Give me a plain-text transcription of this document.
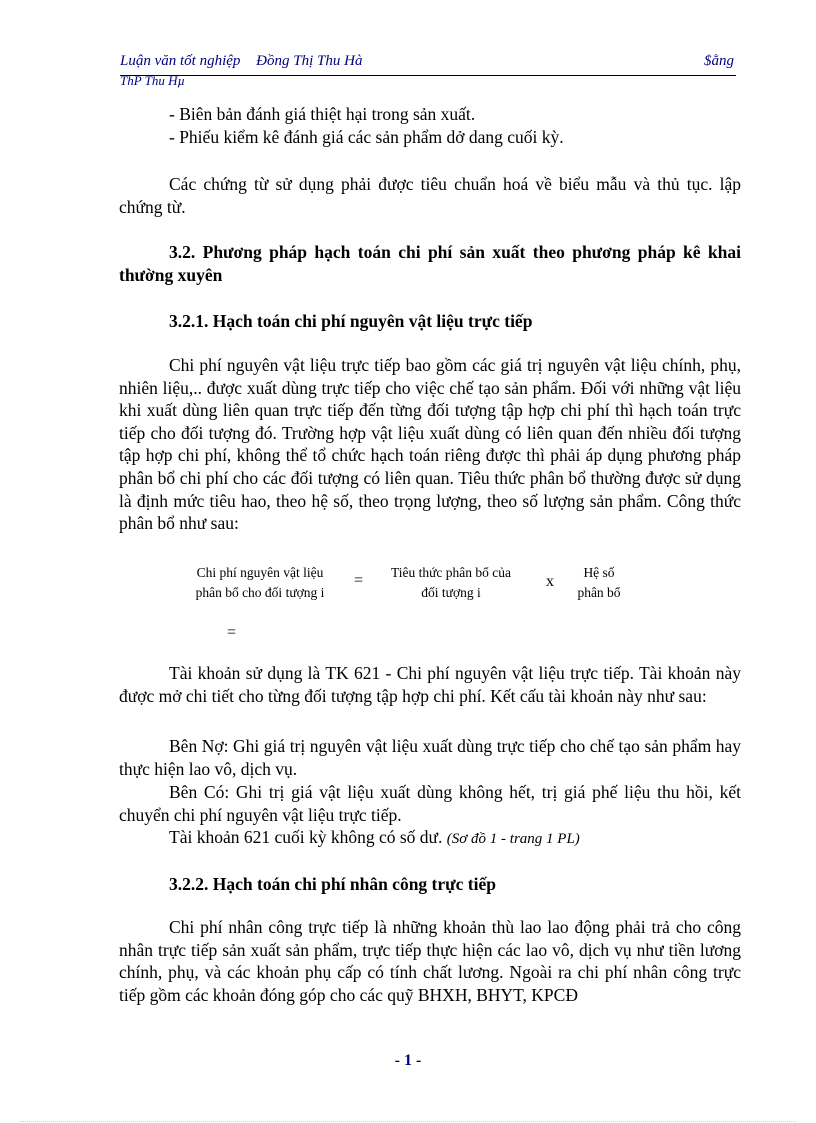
Luận văn tốt nghiệp Đồng Thị Thu Hà	$ằng
ThP Thu Hµ
- Biên bản đánh giá thiệt hại trong sản xuất.
- Phiếu kiểm kê đánh giá các sản phẩm dở dang cuối kỳ.
Các chứng từ sử dụng phải được tiêu chuẩn hoá về biểu mẫu và thủ tục. lập chứng từ.
3.2. Phương pháp hạch toán chi phí sản xuất theo phương pháp kê khai thường xuyên
3.2.1. Hạch toán chi phí nguyên vật liệu trực tiếp
Chi phí nguyên vật liệu trực tiếp bao gồm các giá trị nguyên vật liệu chính, phụ, nhiên liệu,.. được xuất dùng trực tiếp cho việc chế tạo sản phẩm. Đối với những vật liệu khi xuất dùng liên quan trực tiếp đến từng đối tượng tập hợp chi phí thì hạch toán trực tiếp cho đối tượng đó. Trường hợp vật liệu xuất dùng có liên quan đến nhiều đối tượng tập hợp chi phí, không thể tổ chức hạch toán riêng được thì phải áp dụng phương pháp phân bổ chi phí cho các đối tượng có liên quan. Tiêu thức phân bổ thường được sử dụng là định mức tiêu hao, theo hệ số, theo trọng lượng, theo số lượng sản phẩm. Công thức phân bổ như sau:
Chi phí nguyên vật liệu
phân bổ cho đối tượng i
=	Tiêu thức phân bổ của
đối tượng i
x
Hệ số
phân bổ
=
Tài khoản sử dụng là TK 621 - Chi phí nguyên vật liệu trực tiếp. Tài khoản này được mở chi tiết cho từng đối tượng tập hợp chi phí. Kết cấu tài khoản này như sau:
Bên Nợ: Ghi giá trị nguyên vật liệu xuất dùng trực tiếp cho chế tạo sản phẩm hay thực hiện lao vô, dịch vụ.
Bên Có: Ghi trị giá vật liệu xuất dùng không hết, trị giá phế liệu thu hồi, kết chuyển chi phí nguyên vật liệu trực tiếp.
Tài khoản 621 cuối kỳ không có số dư. (Sơ đồ 1 - trang 1 PL)
3.2.2. Hạch toán chi phí nhân công trực tiếp
Chi phí nhân công trực tiếp là những khoản thù lao lao động phải trả cho công nhân trực tiếp sản xuất sản phẩm, trực tiếp thực hiện các lao vô, dịch vụ như tiền lương chính, phụ, và các khoản phụ cấp có tính chất lương. Ngoài ra chi phí nhân công trực tiếp gồm các khoản đóng góp cho các quỹ BHXH, BHYT, KPCĐ
- 1 -
